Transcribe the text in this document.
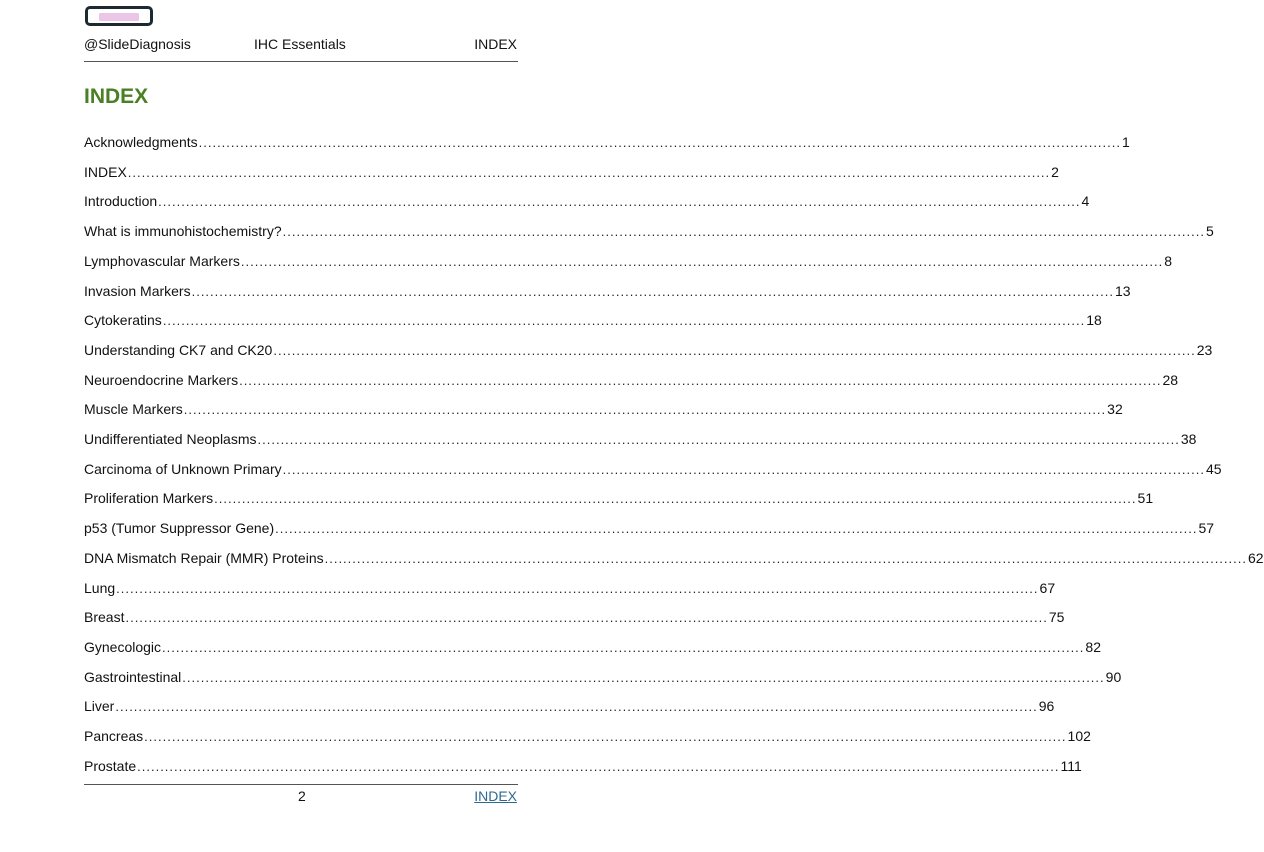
@SlideDiagnosis	IHC Essentials	INDEX
INDEX
Acknowledgments ........................................................................................................................................................................................................ 1
INDEX ........................................................................................................................................................................................................ 2
Introduction ........................................................................................................................................................................................................ 4
What is immunohistochemistry? ........................................................................................................................................................................................................ 5
Lymphovascular Markers ........................................................................................................................................................................................................ 8
Invasion Markers ........................................................................................................................................................................................................ 13
Cytokeratins ........................................................................................................................................................................................................ 18
Understanding CK7 and CK20 ........................................................................................................................................................................................................ 23
Neuroendocrine Markers ........................................................................................................................................................................................................ 28
Muscle Markers ........................................................................................................................................................................................................ 32
Undifferentiated Neoplasms ........................................................................................................................................................................................................ 38
Carcinoma of Unknown Primary ........................................................................................................................................................................................................ 45
Proliferation Markers ........................................................................................................................................................................................................ 51
p53 (Tumor Suppressor Gene) ........................................................................................................................................................................................................ 57
DNA Mismatch Repair (MMR) Proteins ........................................................................................................................................................................................................ 62
Lung ........................................................................................................................................................................................................ 67
Breast ........................................................................................................................................................................................................ 75
Gynecologic ........................................................................................................................................................................................................ 82
Gastrointestinal ........................................................................................................................................................................................................ 90
Liver ........................................................................................................................................................................................................ 96
Pancreas ........................................................................................................................................................................................................ 102
Prostate ........................................................................................................................................................................................................ 111
2	INDEX
